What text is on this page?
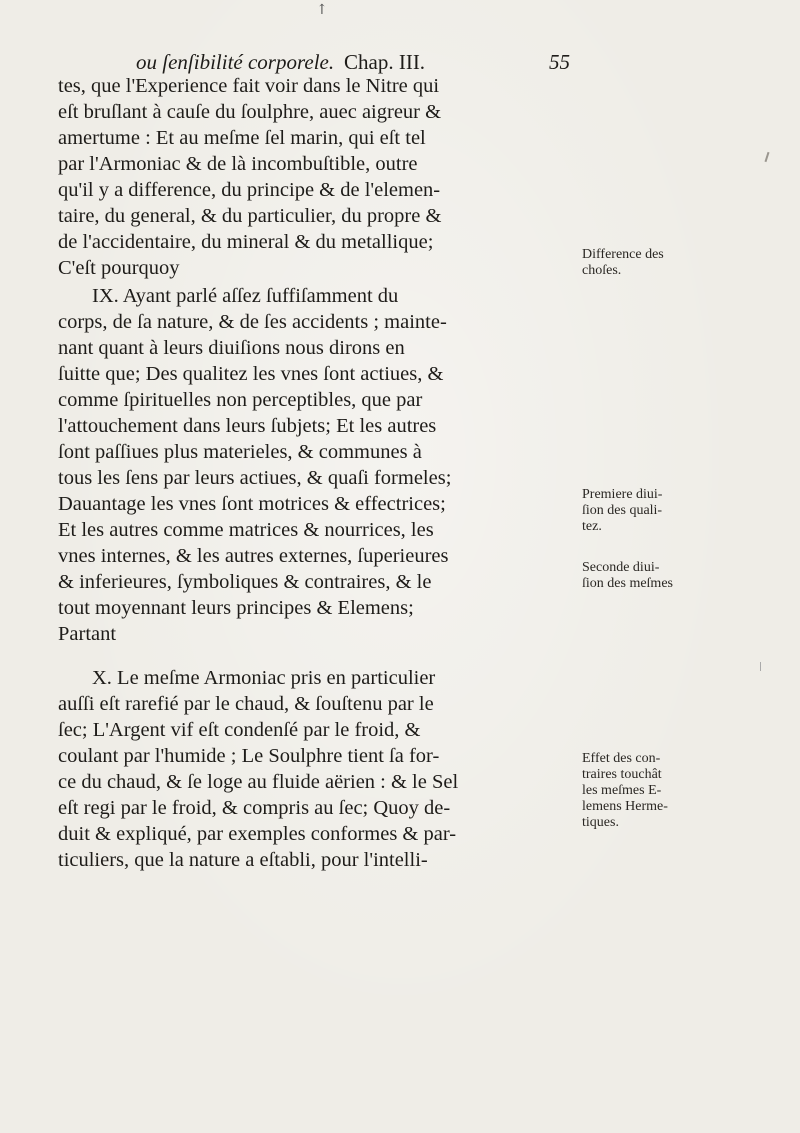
↑
ou ſenſibilité corporele. Chap. III.	55
tes, que l'Experience fait voir dans le Nitre qui
eſt bruſlant à cauſe du ſoulphre, auec aigreur &
amertume : Et au meſme ſel marin, qui eſt tel
par l'Armoniac & de là incombuſtible, outre
qu'il y a difference, du principe & de l'elemen-
taire, du general, & du particulier, du propre &
de l'accidentaire, du mineral & du metallique;
C'eſt pourquoy
IX. Ayant parlé aſſez ſuffiſamment du
corps, de ſa nature, & de ſes accidents ; mainte-
nant quant à leurs diuiſions nous dirons en
ſuitte que; Des qualitez les vnes ſont actiues, &
comme ſpirituelles non perceptibles, que par
l'attouchement dans leurs ſubjets; Et les autres
ſont paſſiues plus materieles, & communes à
tous les ſens par leurs actiues, & quaſi formeles;
Dauantage les vnes ſont motrices & effectrices;
Et les autres comme matrices & nourrices, les
vnes internes, & les autres externes, ſuperieures
& inferieures, ſymboliques & contraires, & le
tout moyennant leurs principes & Elemens;
Partant
X. Le meſme Armoniac pris en particulier
auſſi eſt rarefié par le chaud, & ſouſtenu par le
ſec; L'Argent vif eſt condenſé par le froid, &
coulant par l'humide ; Le Soulphre tient ſa for-
ce du chaud, & ſe loge au fluide aërien : & le Sel
eſt regi par le froid, & compris au ſec; Quoy de-
duit & expliqué, par exemples conformes & par-
ticuliers, que la nature a eſtabli, pour l'intelli-
Difference des
choſes.
Premiere diui-
ſion des quali-
tez.
Seconde diui-
ſion des meſmes
Effet des con-
traires touchât
les meſmes E-
lemens Herme-
tiques.
